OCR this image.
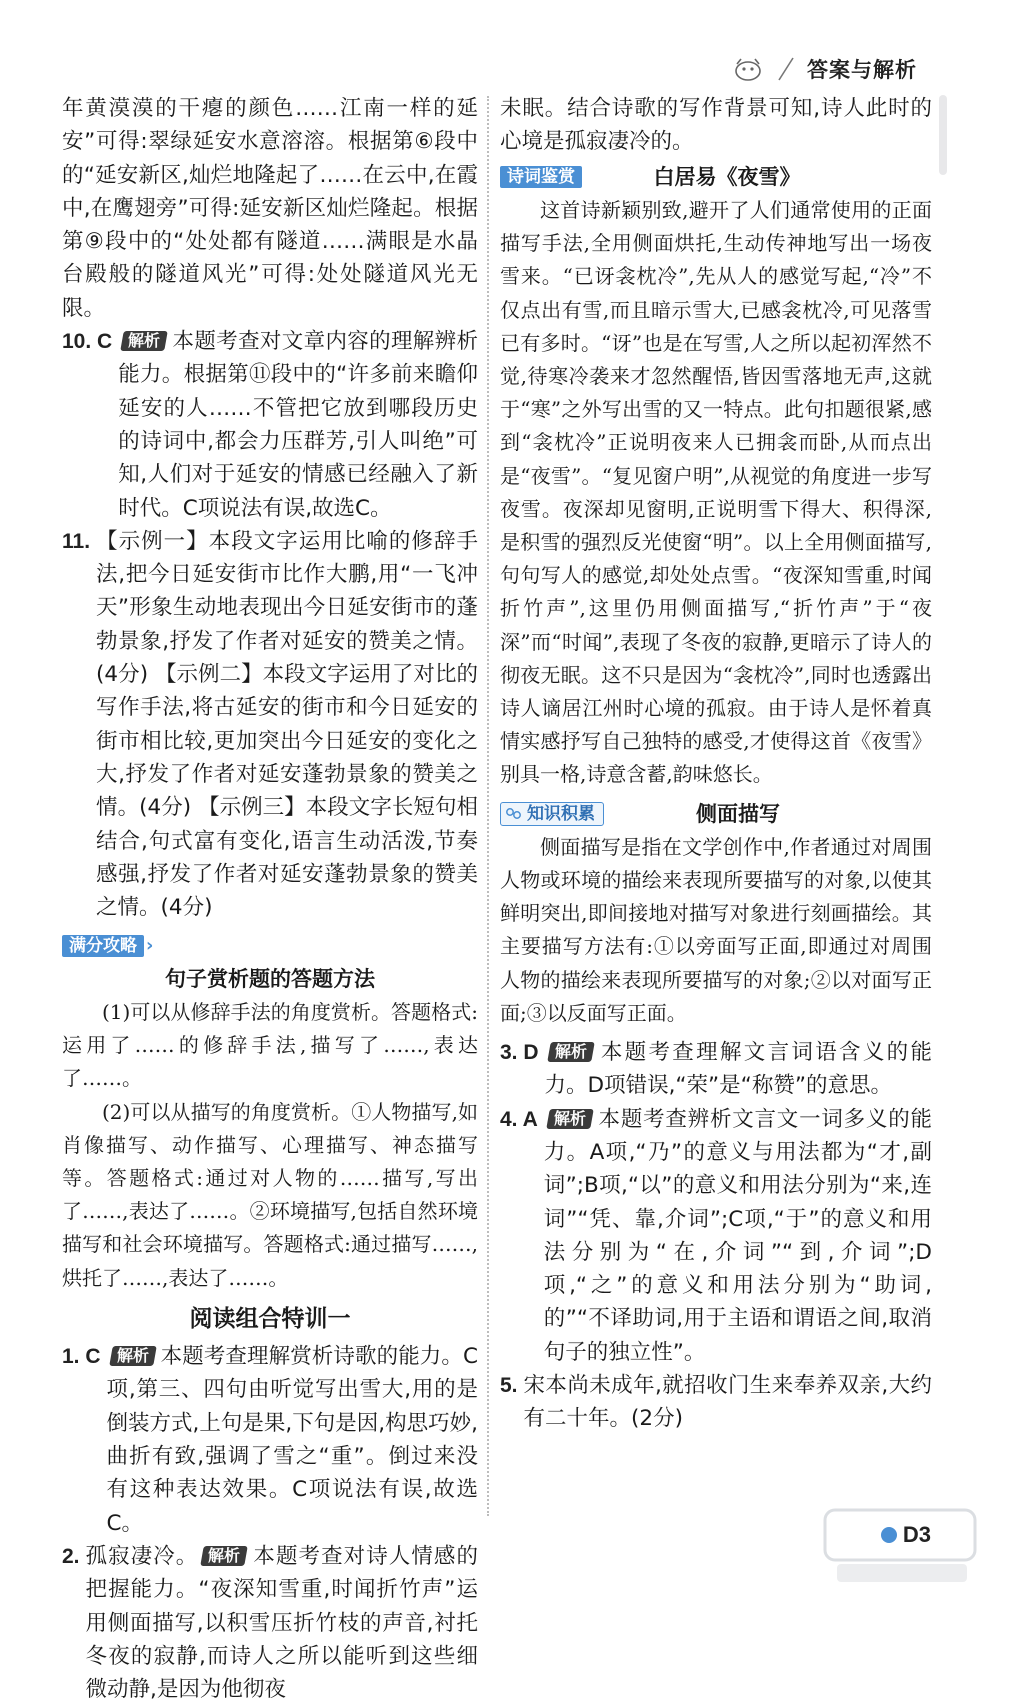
答案与解析

年黄漠漠的干瘪的颜色……江南一样的延安”可得:翠绿延安水意溶溶。根据第⑥段中的“延安新区,灿烂地隆起了……在云中,在霞中,在鹰翅旁”可得:延安新区灿烂隆起。根据第⑨段中的“处处都有隧道……满眼是水晶台殿般的隧道风光”可得:处处隧道风光无限。

10. C	解析 本题考查对文章内容的理解辨析能力。根据第⑪段中的“许多前来瞻仰延安的人……不管把它放到哪段历史的诗词中,都会力压群芳,引人叫绝”可知,人们对于延安的情感已经融入了新时代。C项说法有误,故选C。
11. 【示例一】本段文字运用比喻的修辞手法,把今日延安街市比作大鹏,用“一飞冲天”形象生动地表现出今日延安街市的蓬勃景象,抒发了作者对延安的赞美之情。(4分) 【示例二】本段文字运用了对比的写作手法,将古延安的街市和今日延安的街市相比较,更加突出今日延安的变化之大,抒发了作者对延安蓬勃景象的赞美之情。(4分) 【示例三】本段文字长短句相结合,句式富有变化,语言生动活泼,节奏感强,抒发了作者对延安蓬勃景象的赞美之情。(4分)
满分攻略 ›

句子赏析题的答题方法

(1)可以从修辞手法的角度赏析。答题格式:运用了……的修辞手法,描写了……,表达了……。

(2)可以从描写的角度赏析。①人物描写,如肖像描写、动作描写、心理描写、神态描写等。答题格式:通过对人物的……描写,写出了……,表达了……。②环境描写,包括自然环境描写和社会环境描写。答题格式:通过描写……,烘托了……,表达了……。

阅读组合特训一

1. C	解析 本题考查理解赏析诗歌的能力。C项,第三、四句由听觉写出雪大,用的是倒装方式,上句是果,下句是因,构思巧妙,曲折有致,强调了雪之“重”。倒过来没有这种表达效果。C项说法有误,故选C。
2. 孤寂凄冷。 解析 本题考查对诗人情感的把握能力。“夜深知雪重,时闻折竹声”运用侧面描写,以积雪压折竹枝的声音,衬托冬夜的寂静,而诗人之所以能听到这些细微动静,是因为他彻夜

未眠。结合诗歌的写作背景可知,诗人此时的心境是孤寂凄冷的。

诗词鉴赏	白居易《夜雪》

这首诗新颖别致,避开了人们通常使用的正面描写手法,全用侧面烘托,生动传神地写出一场夜雪来。“已讶衾枕冷”,先从人的感觉写起,“冷”不仅点出有雪,而且暗示雪大,已感衾枕冷,可见落雪已有多时。“讶”也是在写雪,人之所以起初浑然不觉,待寒冷袭来才忽然醒悟,皆因雪落地无声,这就于“寒”之外写出雪的又一特点。此句扣题很紧,感到“衾枕冷”正说明夜来人已拥衾而卧,从而点出是“夜雪”。“复见窗户明”,从视觉的角度进一步写夜雪。夜深却见窗明,正说明雪下得大、积得深,是积雪的强烈反光使窗“明”。以上全用侧面描写,句句写人的感觉,却处处点雪。“夜深知雪重,时闻折竹声”,这里仍用侧面描写,“折竹声”于“夜深”而“时闻”,表现了冬夜的寂静,更暗示了诗人的彻夜无眠。这不只是因为“衾枕冷”,同时也透露出诗人谪居江州时心境的孤寂。由于诗人是怀着真情实感抒写自己独特的感受,才使得这首《夜雪》别具一格,诗意含蓄,韵味悠长。

知识积累	侧面描写

侧面描写是指在文学创作中,作者通过对周围人物或环境的描绘来表现所要描写的对象,以使其鲜明突出,即间接地对描写对象进行刻画描绘。其主要描写方法有:①以旁面写正面,即通过对周围人物的描绘来表现所要描写的对象;②以对面写正面;③以反面写正面。

3. D	解析 本题考查理解文言词语含义的能力。D项错误,“荣”是“称赞”的意思。
4. A	解析 本题考查辨析文言文一词多义的能力。A项,“乃”的意义与用法都为“才,副词”;B项,“以”的意义和用法分别为“来,连词”“凭、靠,介词”;C项,“于”的意义和用法分别为“在,介词”“到,介词”;D项,“之”的意义和用法分别为“助词,的”“不译助词,用于主语和谓语之间,取消句子的独立性”。
5. 宋本尚未成年,就招收门生来奉养双亲,大约有二十年。(2分)
D3
